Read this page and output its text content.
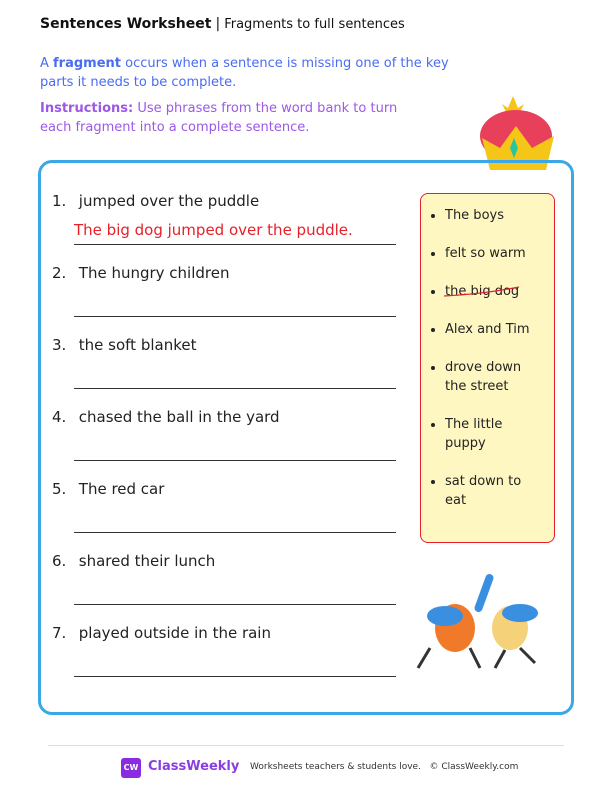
Sentences Worksheet | Fragments to full sentences
A fragment occurs when a sentence is missing one of the key parts it needs to be complete.
Instructions: Use phrases from the word bank to turn each fragment into a complete sentence.
1. jumped over the puddle
The big dog jumped over the puddle.
2. The hungry children
3. the soft blanket
4. chased the ball in the yard
5. The red car
6. shared their lunch
7. played outside in the rain
• The boys
• felt so warm
•
the big dog
• Alex and Tim
• drove down the street
• The little puppy
• sat down to eat
CW ClassWeekly Worksheets teachers & students love. © ClassWeekly.com
